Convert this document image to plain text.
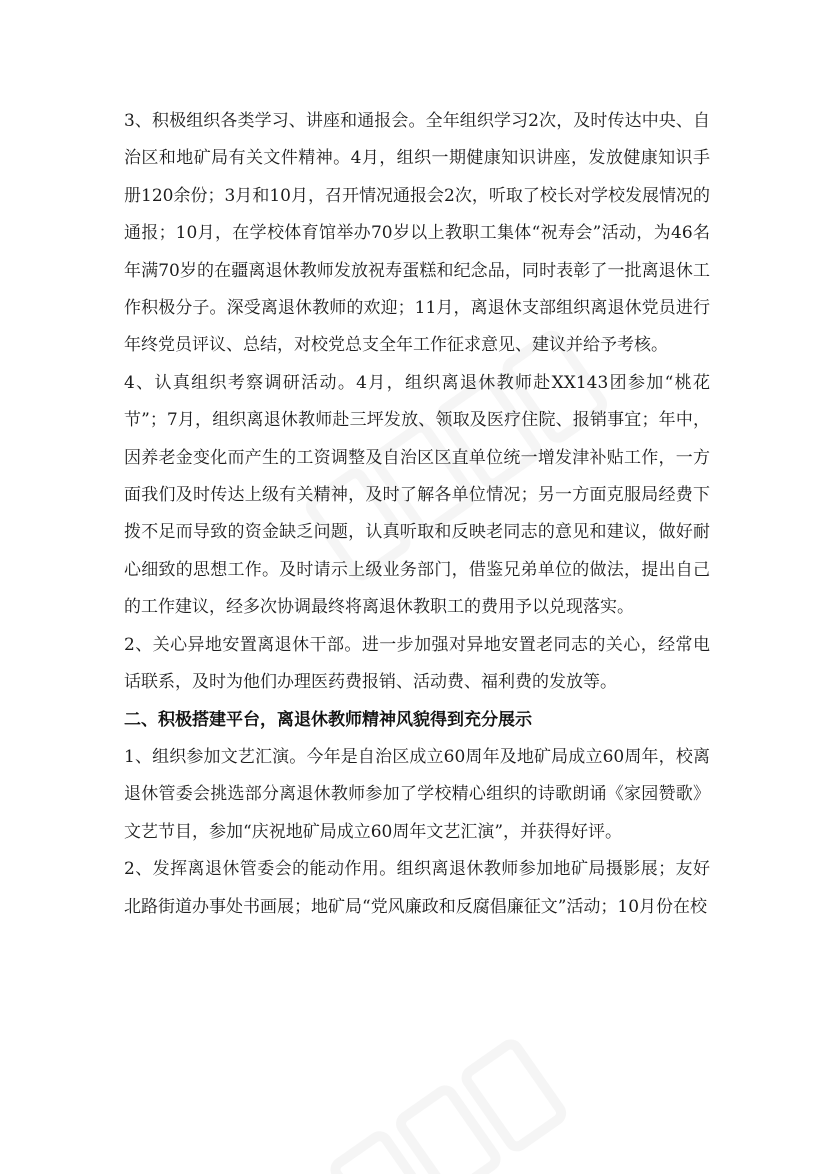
3、积极组织各类学习、讲座和通报会。全年组织学习2次，及时传达中央、自治区和地矿局有关文件精神。4月，组织一期健康知识讲座，发放健康知识手册120余份；3月和10月，召开情况通报会2次，听取了校长对学校发展情况的通报；10月，在学校体育馆举办70岁以上教职工集体“祝寿会”活动，为46名年满70岁的在疆离退休教师发放祝寿蛋糕和纪念品，同时表彰了一批离退休工作积极分子。深受离退休教师的欢迎；11月，离退休支部组织离退休党员进行年终党员评议、总结，对校党总支全年工作征求意见、建议并给予考核。

4、认真组织考察调研活动。4月，组织离退休教师赴XX143团参加“桃花节”；7月，组织离退休教师赴三坪发放、领取及医疗住院、报销事宜；年中，因养老金变化而产生的工资调整及自治区区直单位统一增发津补贴工作，一方面我们及时传达上级有关精神，及时了解各单位情况；另一方面克服局经费下拨不足而导致的资金缺乏问题，认真听取和反映老同志的意见和建议，做好耐心细致的思想工作。及时请示上级业务部门，借鉴兄弟单位的做法，提出自己的工作建议，经多次协调最终将离退休教职工的费用予以兑现落实。

2、关心异地安置离退休干部。进一步加强对异地安置老同志的关心，经常电话联系，及时为他们办理医药费报销、活动费、福利费的发放等。

二、积极搭建平台，离退休教师精神风貌得到充分展示

1、组织参加文艺汇演。今年是自治区成立60周年及地矿局成立60周年，校离退休管委会挑选部分离退休教师参加了学校精心组织的诗歌朗诵《家园赞歌》文艺节目，参加“庆祝地矿局成立60周年文艺汇演”，并获得好评。

2、发挥离退休管委会的能动作用。组织离退休教师参加地矿局摄影展；友好北路街道办事处书画展；地矿局“党风廉政和反腐倡廉征文”活动；10月份在校
